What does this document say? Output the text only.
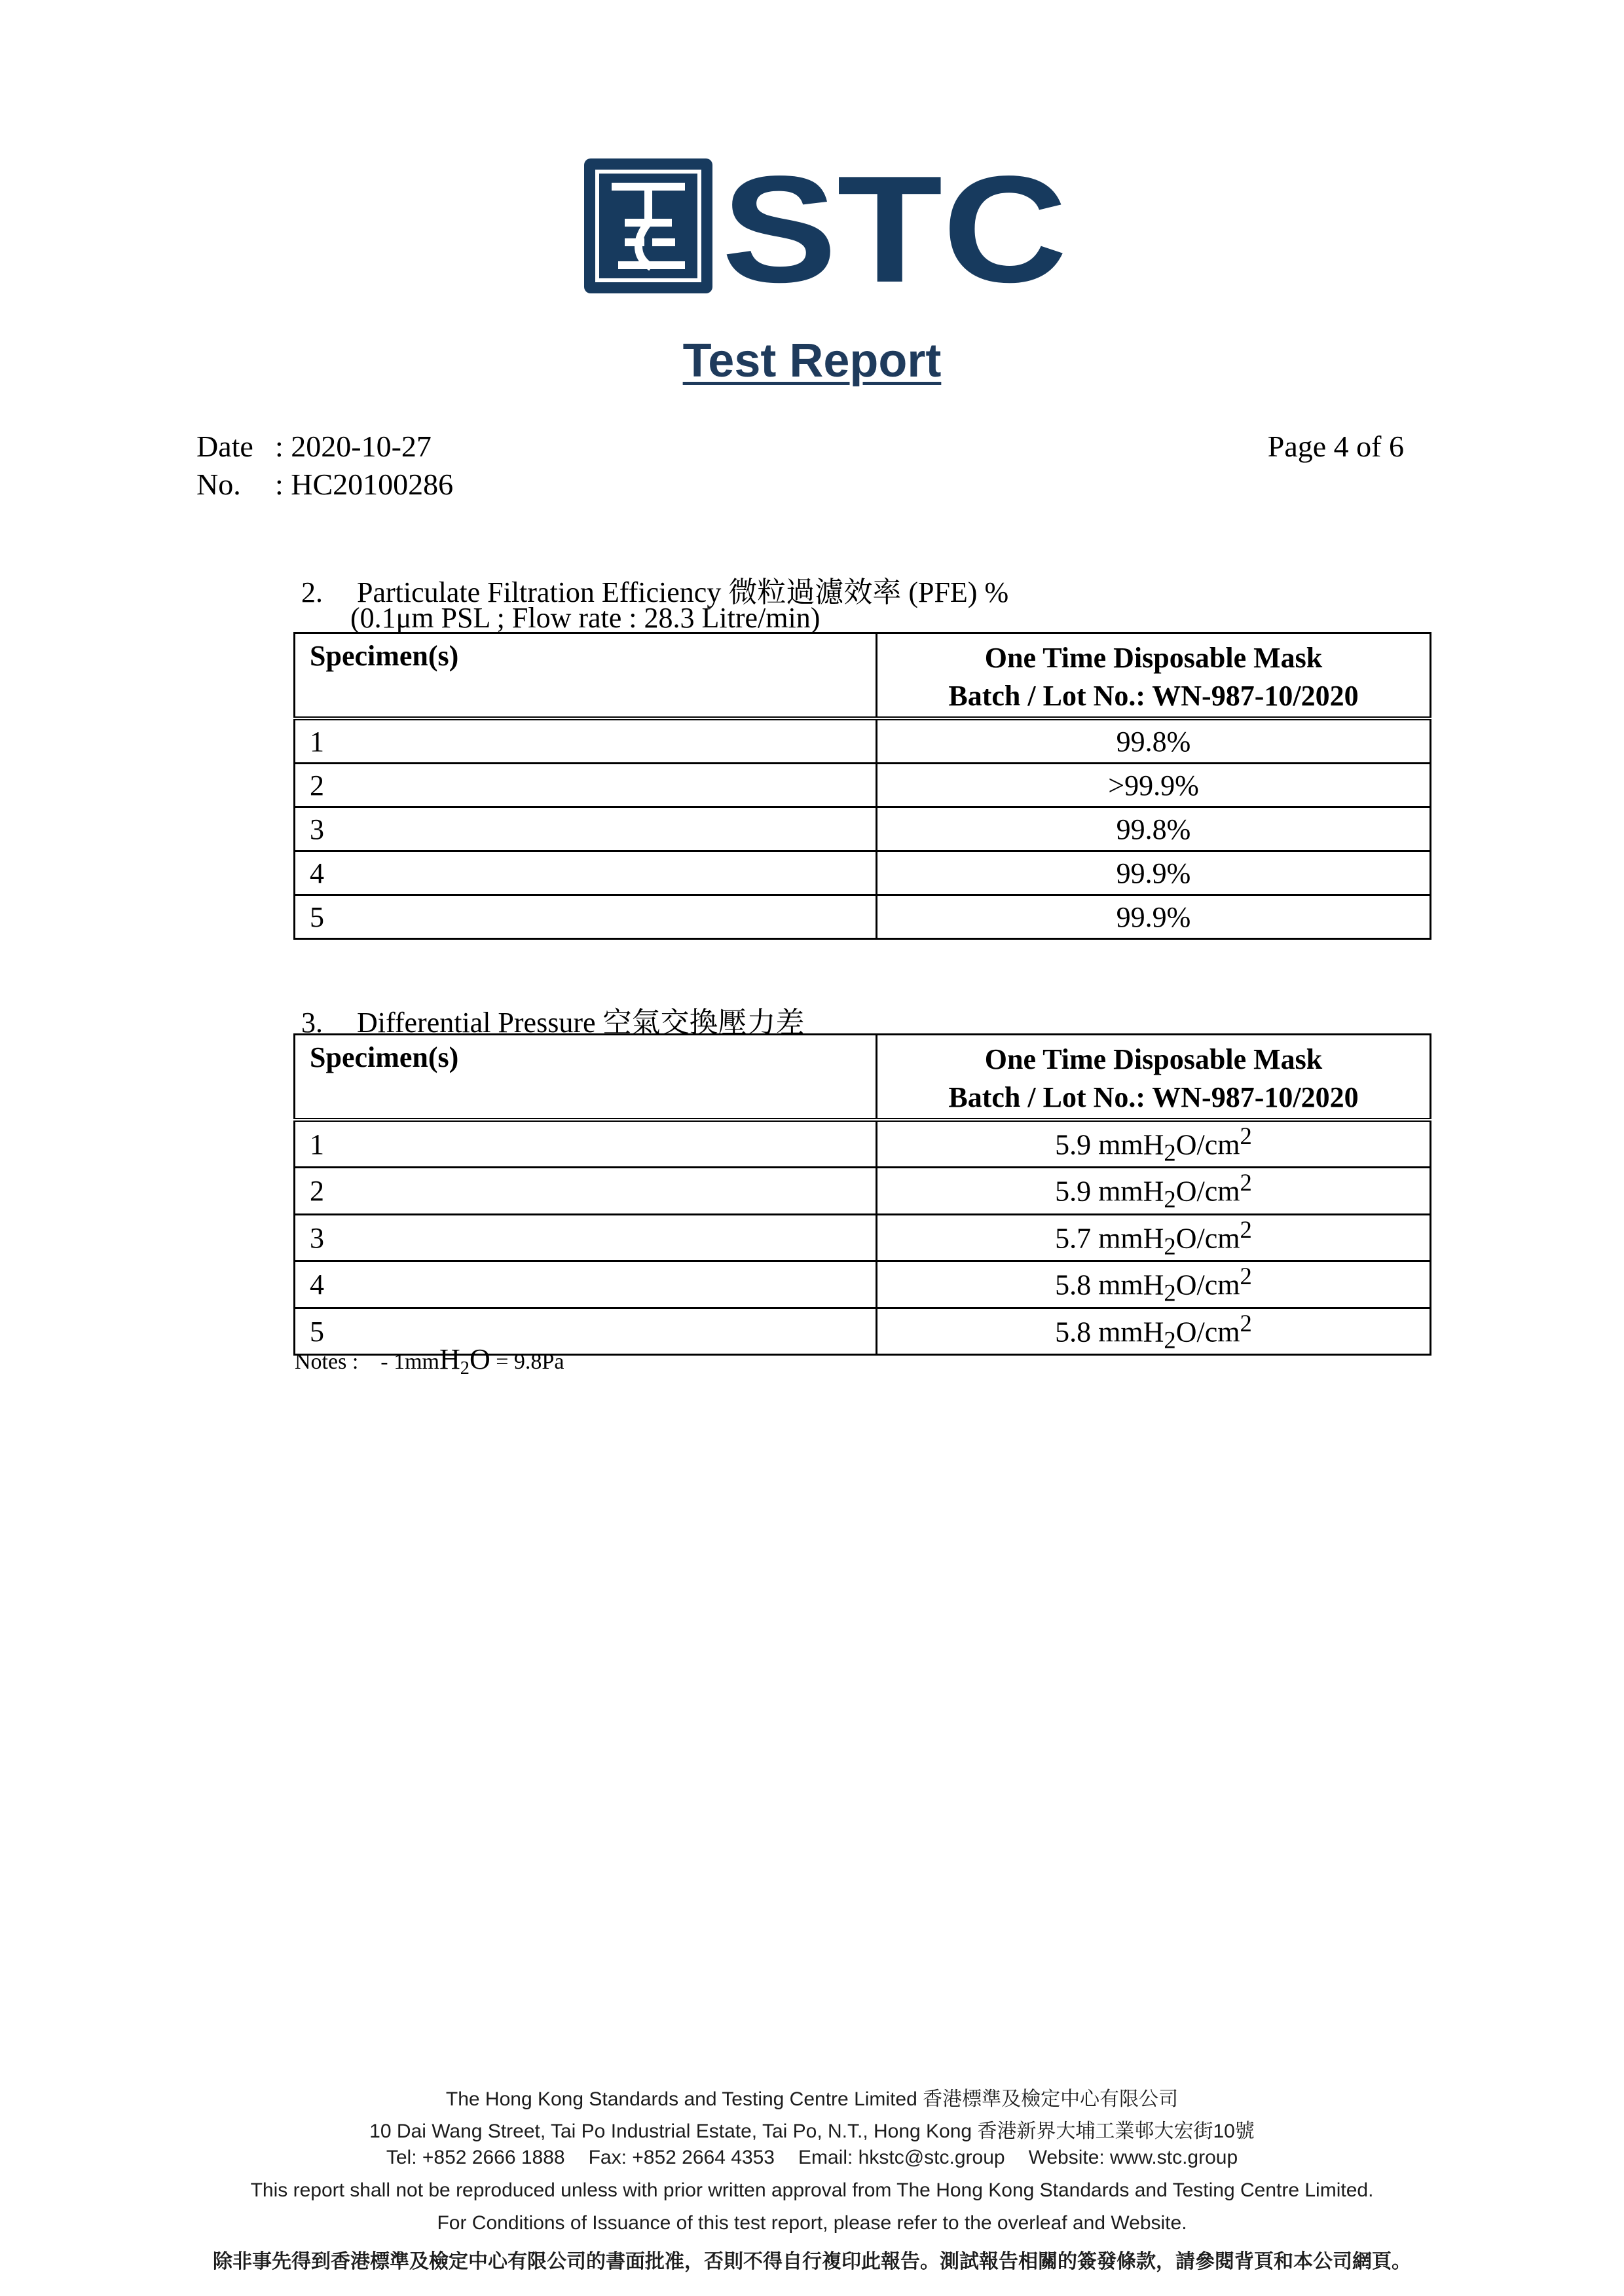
STC
Test Report
Date : 2020-10-27
No. : HC20100286
Page 4 of 6
2. Particulate Filtration Efficiency 微粒過濾效率 (PFE) %
(0.1μm PSL ; Flow rate : 28.3 Litre/min)
Specimen(s)	One Time Disposable Mask
Batch / Lot No.: WN-987-10/2020

1	99.8%
2	>99.9%
3	99.8%
4	99.9%
5	99.9%
3. Differential Pressure 空氣交換壓力差
Specimen(s)	One Time Disposable Mask
Batch / Lot No.: WN-987-10/2020

1	5.9 $mmH_2O/cm^2$
2	5.9 $mmH_2O/cm^2$
3	5.7 $mmH_2O/cm^2$
4	5.8 $mmH_2O/cm^2$
5	5.8 $mmH_2O/cm^2$
Notes : - 1mmH$_2$O = 9.8Pa
The Hong Kong Standards and Testing Centre Limited 香港標準及檢定中心有限公司
10 Dai Wang Street, Tai Po Industrial Estate, Tai Po, N.T., Hong Kong 香港新界大埔工業邨大宏街10號
Tel: +852 2666 1888 Fax: +852 2664 4353 Email: hkstc@stc.group Website: www.stc.group
This report shall not be reproduced unless with prior written approval from The Hong Kong Standards and Testing Centre Limited.
For Conditions of Issuance of this test report, please refer to the overleaf and Website.
除非事先得到香港標準及檢定中心有限公司的書面批准，否則不得自行複印此報告。測試報告相關的簽發條款，請參閱背頁和本公司網頁。
